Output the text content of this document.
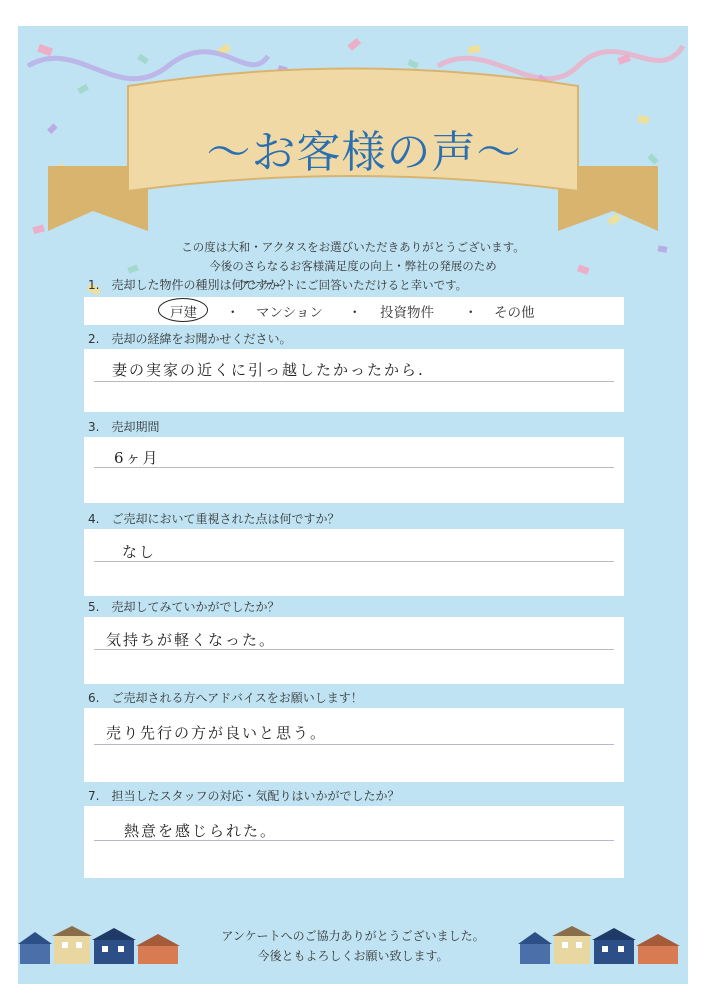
〜お客様の声〜
この度は大和・アクタスをお選びいただきありがとうございます。
今後のさらなるお客様満足度の向上・弊社の発展のため
アンケートにご回答いただけると幸いです。
1.　売却した物件の種別は何ですか？
戸建 ・ マンション ・ 投資物件 ・ その他
2.　売却の経緯をお聞かせください。
妻の実家の近くに引っ越したかったから.
3.　売却期間
6ヶ月
4.　ご売却において重視された点は何ですか？
なし
5.　売却してみていかがでしたか？
気持ちが軽くなった。
6.　ご売却される方へアドバイスをお願いします！
売り先行の方が良いと思う。
7.　担当したスタッフの対応・気配りはいかがでしたか？
熱意を感じられた。
アンケートへのご協力ありがとうございました。
今後ともよろしくお願い致します。
